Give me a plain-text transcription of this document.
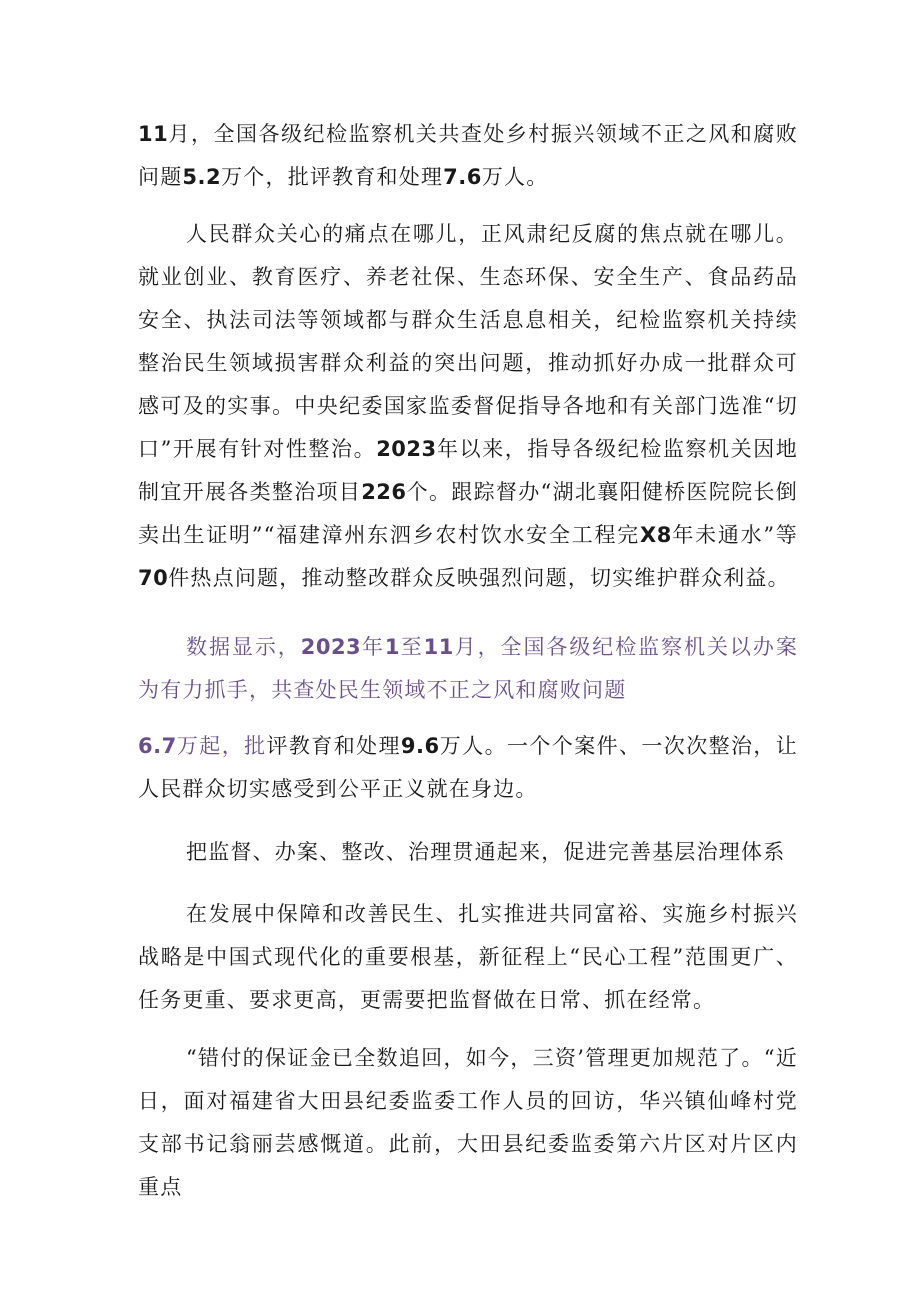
11月，全国各级纪检监察机关共查处乡村振兴领域不正之风和腐败问题5.2万个，批评教育和处理7.6万人。

人民群众关心的痛点在哪儿，正风肃纪反腐的焦点就在哪儿。就业创业、教育医疗、养老社保、生态环保、安全生产、食品药品安全、执法司法等领域都与群众生活息息相关，纪检监察机关持续整治民生领域损害群众利益的突出问题，推动抓好办成一批群众可感可及的实事。中央纪委国家监委督促指导各地和有关部门选准“切口”开展有针对性整治。2023年以来，指导各级纪检监察机关因地制宜开展各类整治项目226个。跟踪督办“湖北襄阳健桥医院院长倒卖出生证明”“福建漳州东泗乡农村饮水安全工程完X8年未通水”等70件热点问题，推动整改群众反映强烈问题，切实维护群众利益。

数据显示，2023年1至11月，全国各级纪检监察机关以办案为有力抓手，共查处民生领域不正之风和腐败问题

6.7万起，批评教育和处理9.6万人。一个个案件、一次次整治，让人民群众切实感受到公平正义就在身边。

把监督、办案、整改、治理贯通起来，促进完善基层治理体系

在发展中保障和改善民生、扎实推进共同富裕、实施乡村振兴战略是中国式现代化的重要根基，新征程上“民心工程”范围更广、任务更重、要求更高，更需要把监督做在日常、抓在经常。

“错付的保证金已全数追回，如今，三资’管理更加规范了。“近日，面对福建省大田县纪委监委工作人员的回访，华兴镇仙峰村党支部书记翁丽芸感慨道。此前，大田县纪委监委第六片区对片区内重点
